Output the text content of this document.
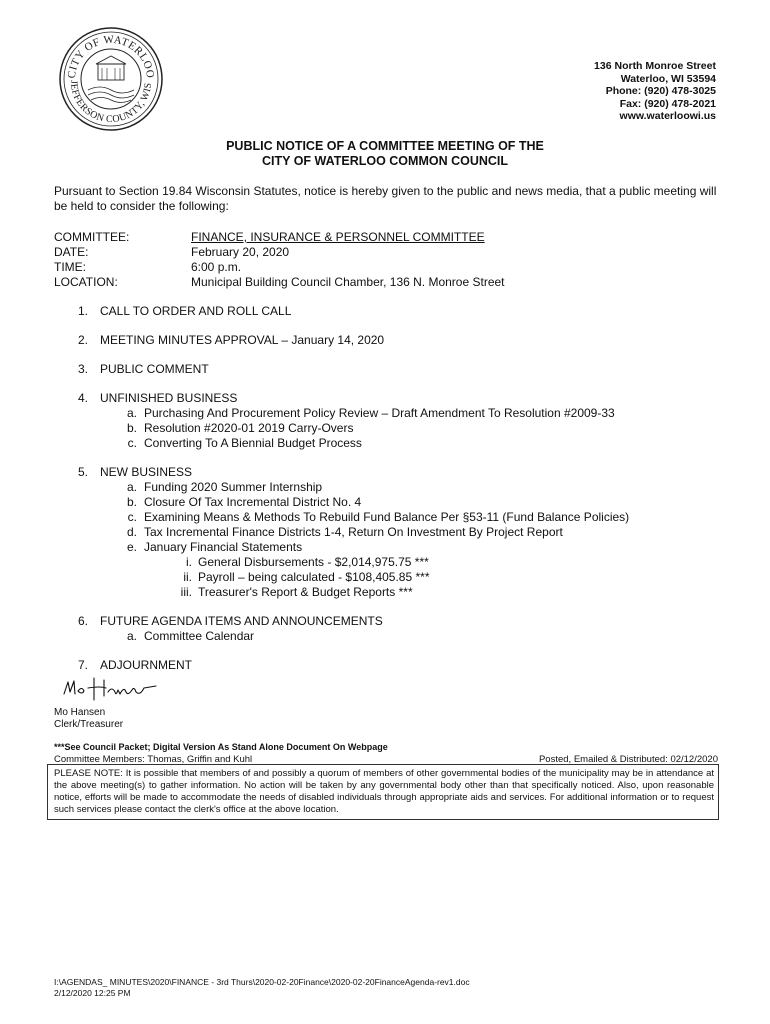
CITY OF WATERLOO
JEFFERSON COUNTY, WIS
136 North Monroe Street
Waterloo, WI 53594
Phone: (920) 478-3025
Fax: (920) 478-2021
www.waterloowi.us
PUBLIC NOTICE OF A COMMITTEE MEETING OF THE
CITY OF WATERLOO COMMON COUNCIL
Pursuant to Section 19.84 Wisconsin Statutes, notice is hereby given to the public and news media, that a public meeting will be held to consider the following:
COMMITTEE:	FINANCE, INSURANCE & PERSONNEL COMMITTEE
DATE:	February 20, 2020
TIME:	6:00 p.m.
LOCATION:	Municipal Building Council Chamber, 136 N. Monroe Street
1. CALL TO ORDER AND ROLL CALL
2. MEETING MINUTES APPROVAL – January 14, 2020
3. PUBLIC COMMENT
4. UNFINISHED BUSINESS
a. Purchasing And Procurement Policy Review – Draft Amendment To Resolution #2009-33
b. Resolution #2020-01 2019 Carry-Overs
c. Converting To A Biennial Budget Process
5. NEW BUSINESS
a. Funding 2020 Summer Internship
b. Closure Of Tax Incremental District No. 4
c. Examining Means & Methods To Rebuild Fund Balance Per §53-11 (Fund Balance Policies)
d. Tax Incremental Finance Districts 1-4, Return On Investment By Project Report
e. January Financial Statements
i. General Disbursements - $2,014,975.75 ***
ii. Payroll – being calculated - $108,405.85 ***
iii. Treasurer's Report & Budget Reports ***
6. FUTURE AGENDA ITEMS AND ANNOUNCEMENTS
a. Committee Calendar
7. ADJOURNMENT
Mo Hansen
Clerk/Treasurer
***See Council Packet; Digital Version As Stand Alone Document On Webpage
Committee Members: Thomas, Griffin and Kuhl	Posted, Emailed & Distributed: 02/12/2020
PLEASE NOTE: It is possible that members of and possibly a quorum of members of other governmental bodies of the municipality may be in attendance at the above meeting(s) to gather information. No action will be taken by any governmental body other than that specifically noticed. Also, upon reasonable notice, efforts will be made to accommodate the needs of disabled individuals through appropriate aids and services. For additional information or to request such services please contact the clerk's office at the above location.
I:\AGENDAS_ MINUTES\2020\FINANCE - 3rd Thurs\2020-02-20Finance\2020-02-20FinanceAgenda-rev1.doc
2/12/2020 12:25 PM
